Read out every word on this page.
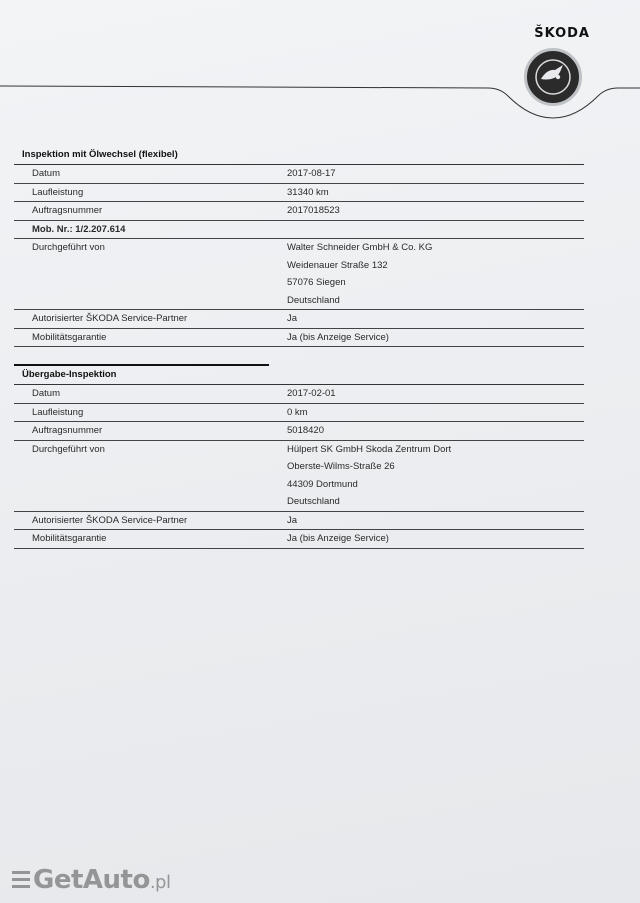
ŠKODA
Inspektion mit Ölwechsel (flexibel)
Datum	2017-08-17
Laufleistung	31340 km
Auftragsnummer	2017018523
Mob. Nr.: 1/2.207.614
Durchgeführt von	Walter Schneider GmbH & Co. KG
Weidenauer Straße 132
57076 Siegen
Deutschland
Autorisierter ŠKODA Service-Partner	Ja
Mobilitätsgarantie	Ja (bis Anzeige Service)
Übergabe-Inspektion
Datum	2017-02-01
Laufleistung	0 km
Auftragsnummer	5018420
Durchgeführt von	Hülpert SK GmbH Skoda Zentrum Dort
Oberste-Wilms-Straße 26
44309 Dortmund
Deutschland
Autorisierter ŠKODA Service-Partner	Ja
Mobilitätsgarantie	Ja (bis Anzeige Service)
GetAuto.pl
